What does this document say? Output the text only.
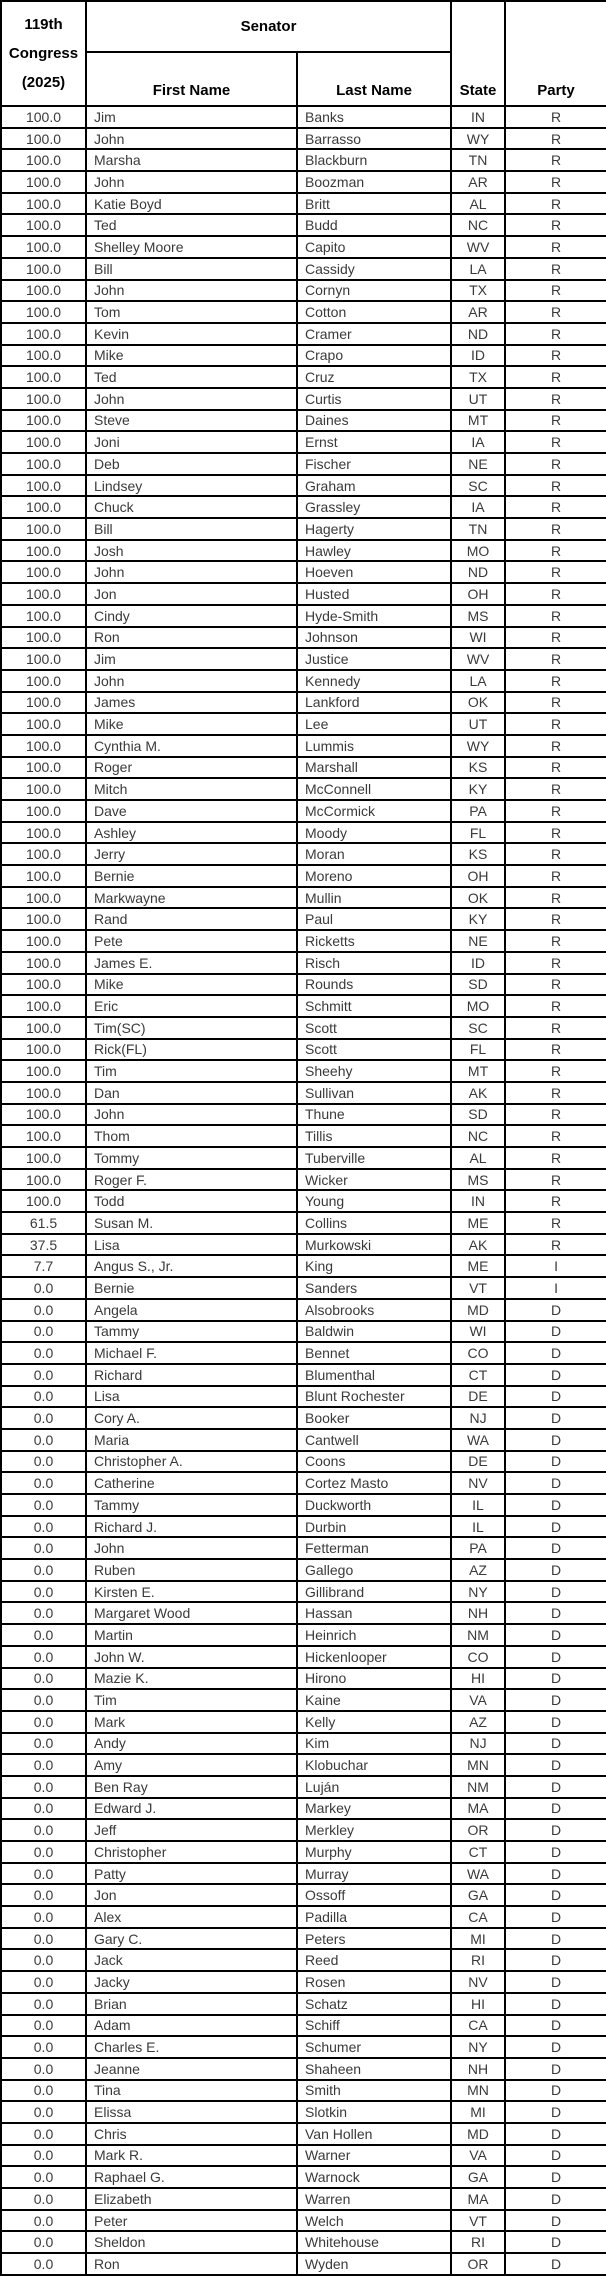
119th
Congress
(2025)	Senator		State	Party
	First Name	Last Name		
100.0	Jim	Banks	IN	R
100.0	John	Barrasso	WY	R
100.0	Marsha	Blackburn	TN	R
100.0	John	Boozman	AR	R
100.0	Katie Boyd	Britt	AL	R
100.0	Ted	Budd	NC	R
100.0	Shelley Moore	Capito	WV	R
100.0	Bill	Cassidy	LA	R
100.0	John	Cornyn	TX	R
100.0	Tom	Cotton	AR	R
100.0	Kevin	Cramer	ND	R
100.0	Mike	Crapo	ID	R
100.0	Ted	Cruz	TX	R
100.0	John	Curtis	UT	R
100.0	Steve	Daines	MT	R
100.0	Joni	Ernst	IA	R
100.0	Deb	Fischer	NE	R
100.0	Lindsey	Graham	SC	R
100.0	Chuck	Grassley	IA	R
100.0	Bill	Hagerty	TN	R
100.0	Josh	Hawley	MO	R
100.0	John	Hoeven	ND	R
100.0	Jon	Husted	OH	R
100.0	Cindy	Hyde-Smith	MS	R
100.0	Ron	Johnson	WI	R
100.0	Jim	Justice	WV	R
100.0	John	Kennedy	LA	R
100.0	James	Lankford	OK	R
100.0	Mike	Lee	UT	R
100.0	Cynthia M.	Lummis	WY	R
100.0	Roger	Marshall	KS	R
100.0	Mitch	McConnell	KY	R
100.0	Dave	McCormick	PA	R
100.0	Ashley	Moody	FL	R
100.0	Jerry	Moran	KS	R
100.0	Bernie	Moreno	OH	R
100.0	Markwayne	Mullin	OK	R
100.0	Rand	Paul	KY	R
100.0	Pete	Ricketts	NE	R
100.0	James E.	Risch	ID	R
100.0	Mike	Rounds	SD	R
100.0	Eric	Schmitt	MO	R
100.0	Tim(SC)	Scott	SC	R
100.0	Rick(FL)	Scott	FL	R
100.0	Tim	Sheehy	MT	R
100.0	Dan	Sullivan	AK	R
100.0	John	Thune	SD	R
100.0	Thom	Tillis	NC	R
100.0	Tommy	Tuberville	AL	R
100.0	Roger F.	Wicker	MS	R
100.0	Todd	Young	IN	R
61.5	Susan M.	Collins	ME	R
37.5	Lisa	Murkowski	AK	R
7.7	Angus S., Jr.	King	ME	I
0.0	Bernie	Sanders	VT	I
0.0	Angela	Alsobrooks	MD	D
0.0	Tammy	Baldwin	WI	D
0.0	Michael F.	Bennet	CO	D
0.0	Richard	Blumenthal	CT	D
0.0	Lisa	Blunt Rochester	DE	D
0.0	Cory A.	Booker	NJ	D
0.0	Maria	Cantwell	WA	D
0.0	Christopher A.	Coons	DE	D
0.0	Catherine	Cortez Masto	NV	D
0.0	Tammy	Duckworth	IL	D
0.0	Richard J.	Durbin	IL	D
0.0	John	Fetterman	PA	D
0.0	Ruben	Gallego	AZ	D
0.0	Kirsten E.	Gillibrand	NY	D
0.0	Margaret Wood	Hassan	NH	D
0.0	Martin	Heinrich	NM	D
0.0	John W.	Hickenlooper	CO	D
0.0	Mazie K.	Hirono	HI	D
0.0	Tim	Kaine	VA	D
0.0	Mark	Kelly	AZ	D
0.0	Andy	Kim	NJ	D
0.0	Amy	Klobuchar	MN	D
0.0	Ben Ray	Luján	NM	D
0.0	Edward J.	Markey	MA	D
0.0	Jeff	Merkley	OR	D
0.0	Christopher	Murphy	CT	D
0.0	Patty	Murray	WA	D
0.0	Jon	Ossoff	GA	D
0.0	Alex	Padilla	CA	D
0.0	Gary C.	Peters	MI	D
0.0	Jack	Reed	RI	D
0.0	Jacky	Rosen	NV	D
0.0	Brian	Schatz	HI	D
0.0	Adam	Schiff	CA	D
0.0	Charles E.	Schumer	NY	D
0.0	Jeanne	Shaheen	NH	D
0.0	Tina	Smith	MN	D
0.0	Elissa	Slotkin	MI	D
0.0	Chris	Van Hollen	MD	D
0.0	Mark R.	Warner	VA	D
0.0	Raphael G.	Warnock	GA	D
0.0	Elizabeth	Warren	MA	D
0.0	Peter	Welch	VT	D
0.0	Sheldon	Whitehouse	RI	D
0.0	Ron	Wyden	OR	D
